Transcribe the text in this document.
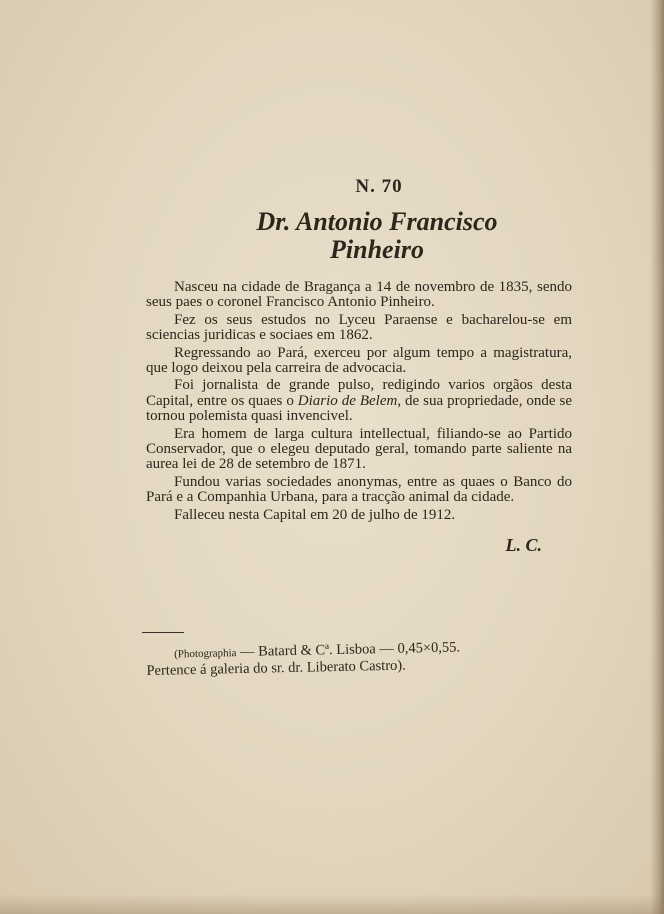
N. 70
Dr. Antonio Francisco
Pinheiro

Nasceu na cidade de Bragança a 14 de novembro de 1835, sendo seus paes o coronel Francisco Antonio Pinheiro.

Fez os seus estudos no Lyceu Paraense e bacharelou-se em sciencias juridicas e sociaes em 1862.

Regressando ao Pará, exerceu por algum tempo a magistratura, que logo deixou pela carreira de advocacia.

Foi jornalista de grande pulso, redigindo varios orgãos desta Capital, entre os quaes o Diario de Belem, de sua propriedade, onde se tornou polemista quasi invencivel.

Era homem de larga cultura intellectual, filiando-se ao Partido Conservador, que o elegeu deputado geral, tomando parte saliente na aurea lei de 28 de setembro de 1871.

Fundou varias sociedades anonymas, entre as quaes o Banco do Pará e a Companhia Urbana, para a tracção animal da cidade.

Falleceu nesta Capital em 20 de julho de 1912.

L. C.
(Photographia — Batard & Cª. Lisboa — 0,45×0,55.
Pertence á galeria do sr. dr. Liberato Castro).
